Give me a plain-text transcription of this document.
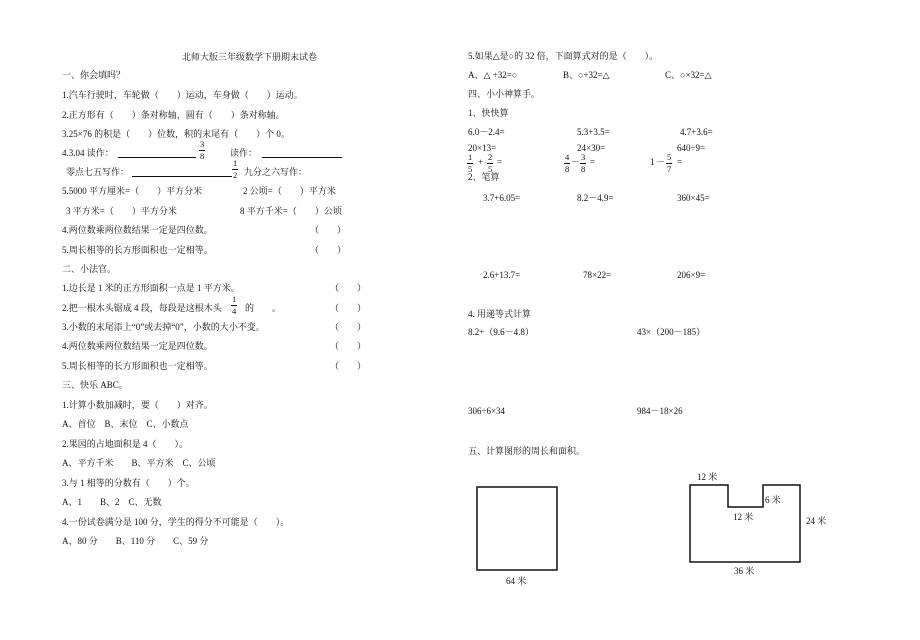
北师大版三年级数学下册期末试卷
一、你会填吗？
1.汽车行驶时，车轮做（　　）运动，车身做（　　）运动。
2.正方形有（　　）条对称轴，圆有（　　）条对称轴。
3.25×76 的积是（　　）位数，积的末尾有（　　）个 0。
4.3.04 读作：	$\frac{3}{8}$	读作：
零点七五写作：	九分之六写作：
$\frac{1}{2}$
5.5000 平方厘米=（　　）平方分米	2 公顷=（　　）平方米
3 平方米=（　　）平方分米	8 平方千米=（　　）公顷
4.两位数乘两位数结果一定是四位数。	（　　）
5.周长相等的长方形面积也一定相等。	（　　）
二、小法官。
1.边长是 1 米的正方形面积一点是 1 平方米。	（　　）
2.把一根木头锯成 4 段，每段是这根木头 $\frac{1}{4}$ 的　　。	（　　）
3.小数的末尾添上“0”或去掉“0”，小数的大小不变。	（　　）
4.两位数乘两位数结果一定是四位数。	（　　）
5.周长相等的长方形面积也一定相等。	（　　）
三、快乐 ABC。
1.计算小数加减时，要（　　）对齐。
A、首位　B、末位　C、小数点
2.果园的占地面积是 4（　　）。
A、平方千米　　B、平方米　C、公顷
3.与 1 相等的分数有（　　）个。
A、1　　B、2　C、无数
4.一份试卷满分是 100 分，学生的得分不可能是（　　）。
A、80 分　　B、110 分　　C、59 分
5.如果△是○的 32 倍，下面算式对的是（　　）。
A、△ +32=○	B、○+32=△	C、○×32=△
四、小小神算手。
1、快快算
6.0－2.4=	5.3+3.5=	4.7+3.6=
20×13=	24×30=	640÷9=
$\frac{1}{5} + \frac{2}{5}$ =	$\frac{4}{8} - \frac{3}{8}$ =	$1 - \frac{5}{7}$ =
2、笔算
3.7+6.05=	8.2－4.9=	360×45=
2.6+13.7=	78×22=	206×9=
4. 用递等式计算
8.2+（9.6－4.8）	43×（200－185）
306÷6×34	984－18×26
五、计算图形的周长和面积。
64 米
12 米
6 米
12 米	24 米
36 米
